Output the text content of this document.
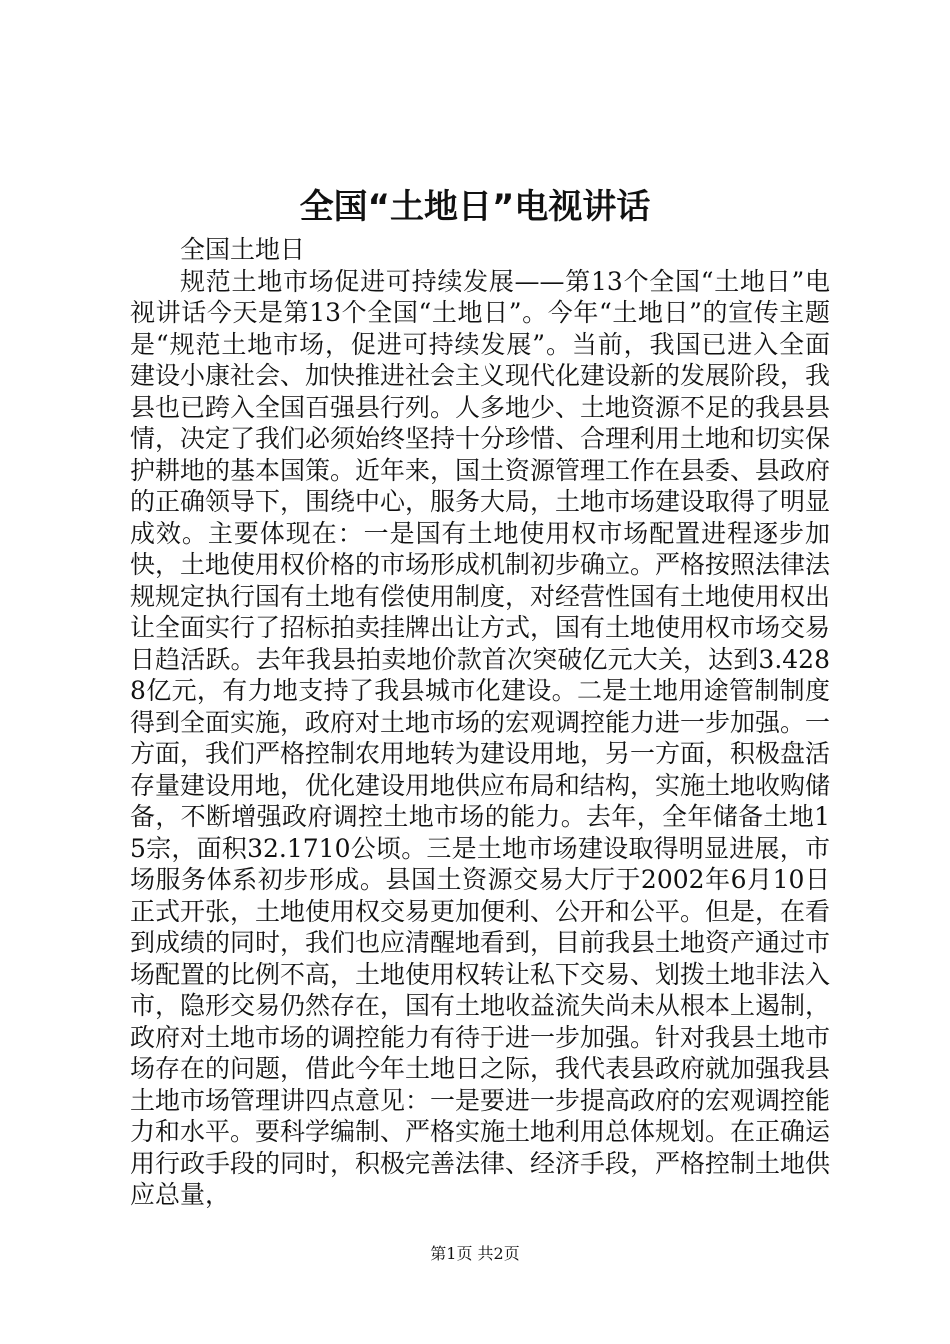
全国“土地日”电视讲话

全国土地日

规范土地市场促进可持续发展——第13个全国“土地日”电视讲话今天是第13个全国“土地日”。今年“土地日”的宣传主题是“规范土地市场，促进可持续发展”。当前，我国已进入全面建设小康社会、加快推进社会主义现代化建设新的发展阶段，我县也已跨入全国百强县行列。人多地少、土地资源不足的我县县情，决定了我们必须始终坚持十分珍惜、合理利用土地和切实保护耕地的基本国策。近年来，国土资源管理工作在县委、县政府的正确领导下，围绕中心，服务大局，土地市场建设取得了明显成效。主要体现在：一是国有土地使用权市场配置进程逐步加快，土地使用权价格的市场形成机制初步确立。严格按照法律法规规定执行国有土地有偿使用制度，对经营性国有土地使用权出让全面实行了招标拍卖挂牌出让方式，国有土地使用权市场交易日趋活跃。去年我县拍卖地价款首次突破亿元大关，达到3.4288亿元，有力地支持了我县城市化建设。二是土地用途管制制度得到全面实施，政府对土地市场的宏观调控能力进一步加强。一方面，我们严格控制农用地转为建设用地，另一方面，积极盘活存量建设用地，优化建设用地供应布局和结构，实施土地收购储备，不断增强政府调控土地市场的能力。去年，全年储备土地15宗，面积32.1710公顷。三是土地市场建设取得明显进展，市场服务体系初步形成。县国土资源交易大厅于2002年6月10日正式开张，土地使用权交易更加便利、公开和公平。但是，在看到成绩的同时，我们也应清醒地看到，目前我县土地资产通过市场配置的比例不高，土地使用权转让私下交易、划拨土地非法入市，隐形交易仍然存在，国有土地收益流失尚未从根本上遏制，政府对土地市场的调控能力有待于进一步加强。针对我县土地市场存在的问题，借此今年土地日之际，我代表县政府就加强我县土地市场管理讲四点意见：一是要进一步提高政府的宏观调控能力和水平。要科学编制、严格实施土地利用总体规划。在正确运用行政手段的同时，积极完善法律、经济手段，严格控制土地供应总量，

第1页 共2页
